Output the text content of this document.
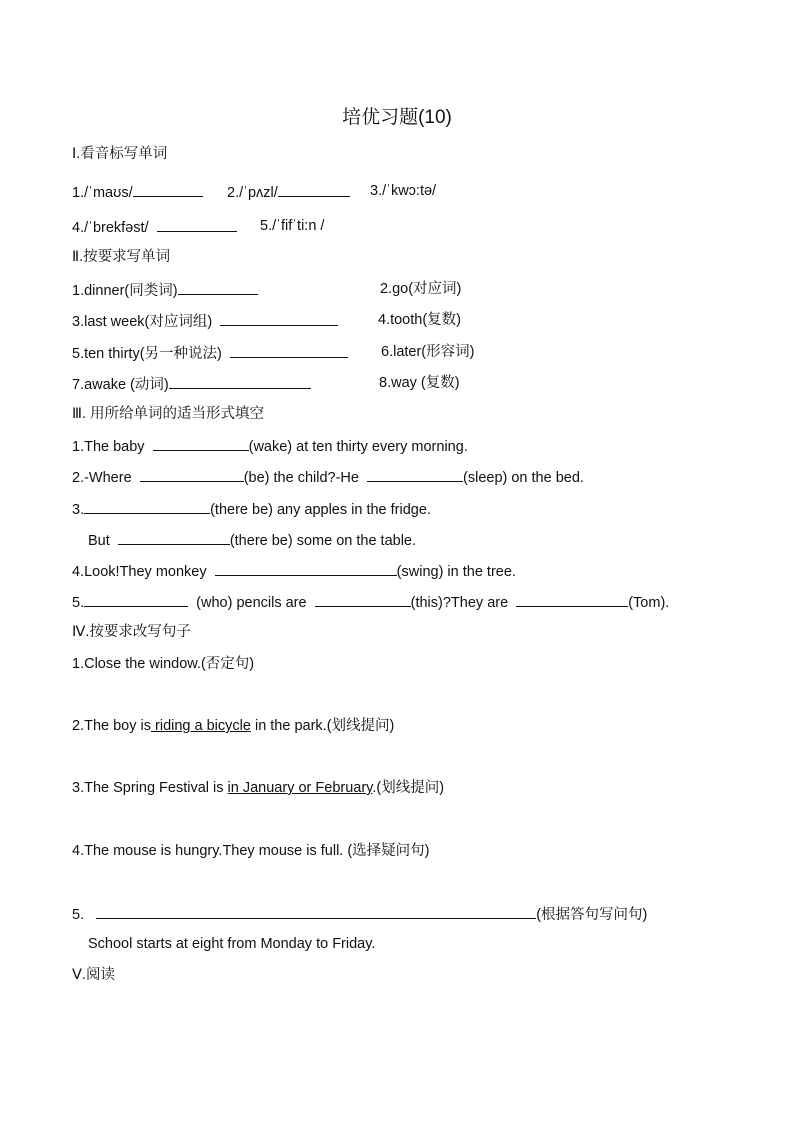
培优习题(10)
Ⅰ.看音标写单词
1./ˈmaʊs/	2./ˈpʌzl/	3./ˈkwɔ:tə/
4./ˈbrekfəst/	5./ˈfifˈti:n /
Ⅱ.按要求写单词
1.dinner(同类词)	2.go(对应词)
3.last week(对应词组)	4.tooth(复数)
5.ten thirty(另一种说法)	6.later(形容词)
7.awake (动词)	8.way (复数)
Ⅲ. 用所给单词的适当形式填空
1.The baby	(wake) at ten thirty every morning.
2.-Where	(be) the child?-He	(sleep) on the bed.
3.	(there be) any apples in the fridge.
But	(there be) some on the table.
4.Look!They monkey	(swing) in the tree.
5.	(who) pencils are	(this)?They are	(Tom).
Ⅳ.按要求改写句子
1.Close the window.(否定句)
2.The boy is riding a bicycle in the park.(划线提问)
3.The Spring Festival is in January or February.(划线提问)
4.The mouse is hungry.They mouse is full. (选择疑问句)
5.	(根据答句写问句)
School starts at eight from Monday to Friday.
Ⅴ.阅读
